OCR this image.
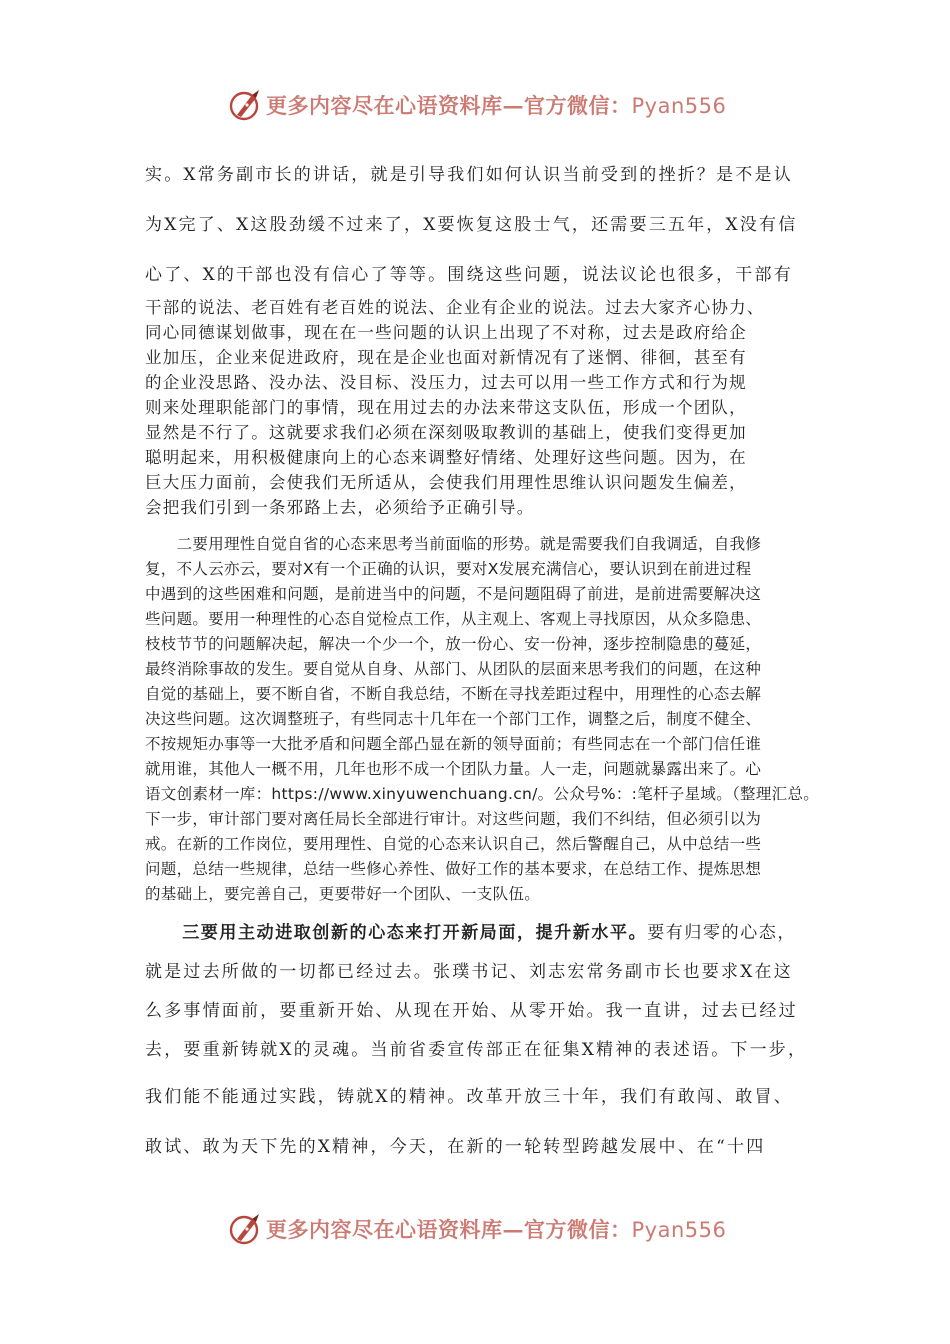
更多内容尽在心语资料库—官方微信：Pyan556
实。X常务副市长的讲话，就是引导我们如何认识当前受到的挫折？是不是认
为X完了、X这股劲缓不过来了，X要恢复这股士气，还需要三五年，X没有信
心了、X的干部也没有信心了等等。围绕这些问题，说法议论也很多，干部有
干部的说法、老百姓有老百姓的说法、企业有企业的说法。过去大家齐心协力、
同心同德谋划做事，现在在一些问题的认识上出现了不对称，过去是政府给企
业加压，企业来促进政府，现在是企业也面对新情况有了迷惘、徘徊，甚至有
的企业没思路、没办法、没目标、没压力，过去可以用一些工作方式和行为规
则来处理职能部门的事情，现在用过去的办法来带这支队伍，形成一个团队，
显然是不行了。这就要求我们必须在深刻吸取教训的基础上，使我们变得更加
聪明起来，用积极健康向上的心态来调整好情绪、处理好这些问题。因为，在
巨大压力面前，会使我们无所适从，会使我们用理性思维认识问题发生偏差，
会把我们引到一条邪路上去，必须给予正确引导。
　　二要用理性自觉自省的心态来思考当前面临的形势。就是需要我们自我调适，自我修
复，不人云亦云，要对X有一个正确的认识，要对X发展充满信心，要认识到在前进过程
中遇到的这些困难和问题，是前进当中的问题，不是问题阻碍了前进，是前进需要解决这
些问题。要用一种理性的心态自觉检点工作，从主观上、客观上寻找原因，从众多隐患、
枝枝节节的问题解决起，解决一个少一个，放一份心、安一份神，逐步控制隐患的蔓延，
最终消除事故的发生。要自觉从自身、从部门、从团队的层面来思考我们的问题，在这种
自觉的基础上，要不断自省，不断自我总结，不断在寻找差距过程中，用理性的心态去解
决这些问题。这次调整班子，有些同志十几年在一个部门工作，调整之后，制度不健全、
不按规矩办事等一大批矛盾和问题全部凸显在新的领导面前；有些同志在一个部门信任谁
就用谁，其他人一概不用，几年也形不成一个团队力量。人一走，问题就暴露出来了。心
语文创素材一库：https://www.xinyuwenchuang.cn/。公众号%：:笔杆子星域。（整理汇总。
下一步，审计部门要对离任局长全部进行审计。对这些问题，我们不纠结，但必须引以为
戒。在新的工作岗位，要用理性、自觉的心态来认识自己，然后警醒自己，从中总结一些
问题，总结一些规律，总结一些修心养性、做好工作的基本要求，在总结工作、提炼思想
的基础上，要完善自己，更要带好一个团队、一支队伍。
　　三要用主动进取创新的心态来打开新局面，提升新水平。要有归零的心态，
就是过去所做的一切都已经过去。张璞书记、刘志宏常务副市长也要求X在这
么多事情面前，要重新开始、从现在开始、从零开始。我一直讲，过去已经过
去，要重新铸就X的灵魂。当前省委宣传部正在征集X精神的表述语。下一步，
我们能不能通过实践，铸就X的精神。改革开放三十年，我们有敢闯、敢冒、
敢试、敢为天下先的X精神，今天，在新的一轮转型跨越发展中、在“十四
更多内容尽在心语资料库—官方微信：Pyan556
